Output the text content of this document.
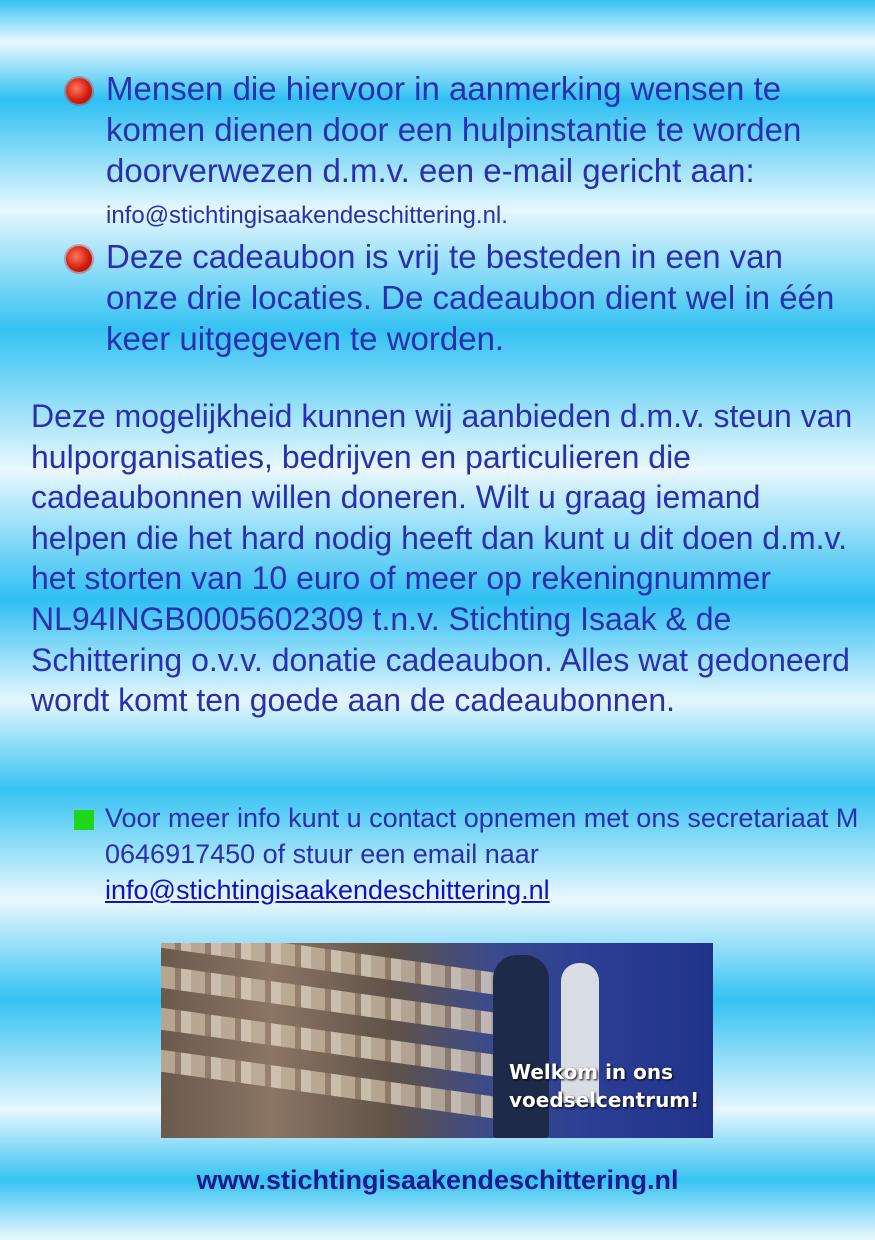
Mensen die hiervoor in aanmerking wensen te komen dienen door een hulpinstantie te worden doorverwezen d.m.v. een e-mail gericht aan: info@stichtingisaakendeschittering.nl.
Deze cadeaubon is vrij te besteden in een van onze drie locaties. De cadeaubon dient wel in één keer uitgegeven te worden.

Deze mogelijkheid kunnen wij aanbieden d.m.v. steun van hulporganisaties, bedrijven en particulieren die cadeaubonnen willen doneren. Wilt u graag iemand helpen die het hard nodig heeft dan kunt u dit doen d.m.v. het storten van 10 euro of meer op rekeningnummer NL94INGB0005602309 t.n.v. Stichting Isaak & de Schittering o.v.v. donatie cadeaubon. Alles wat gedoneerd wordt komt ten goede aan de cadeaubonnen.

Voor meer info kunt u contact opnemen met ons secretariaat M 0646917450 of stuur een email naar info@stichtingisaakendeschittering.nl
Welkom in ons
voedselcentrum!
www.stichtingisaakendeschittering.nl
